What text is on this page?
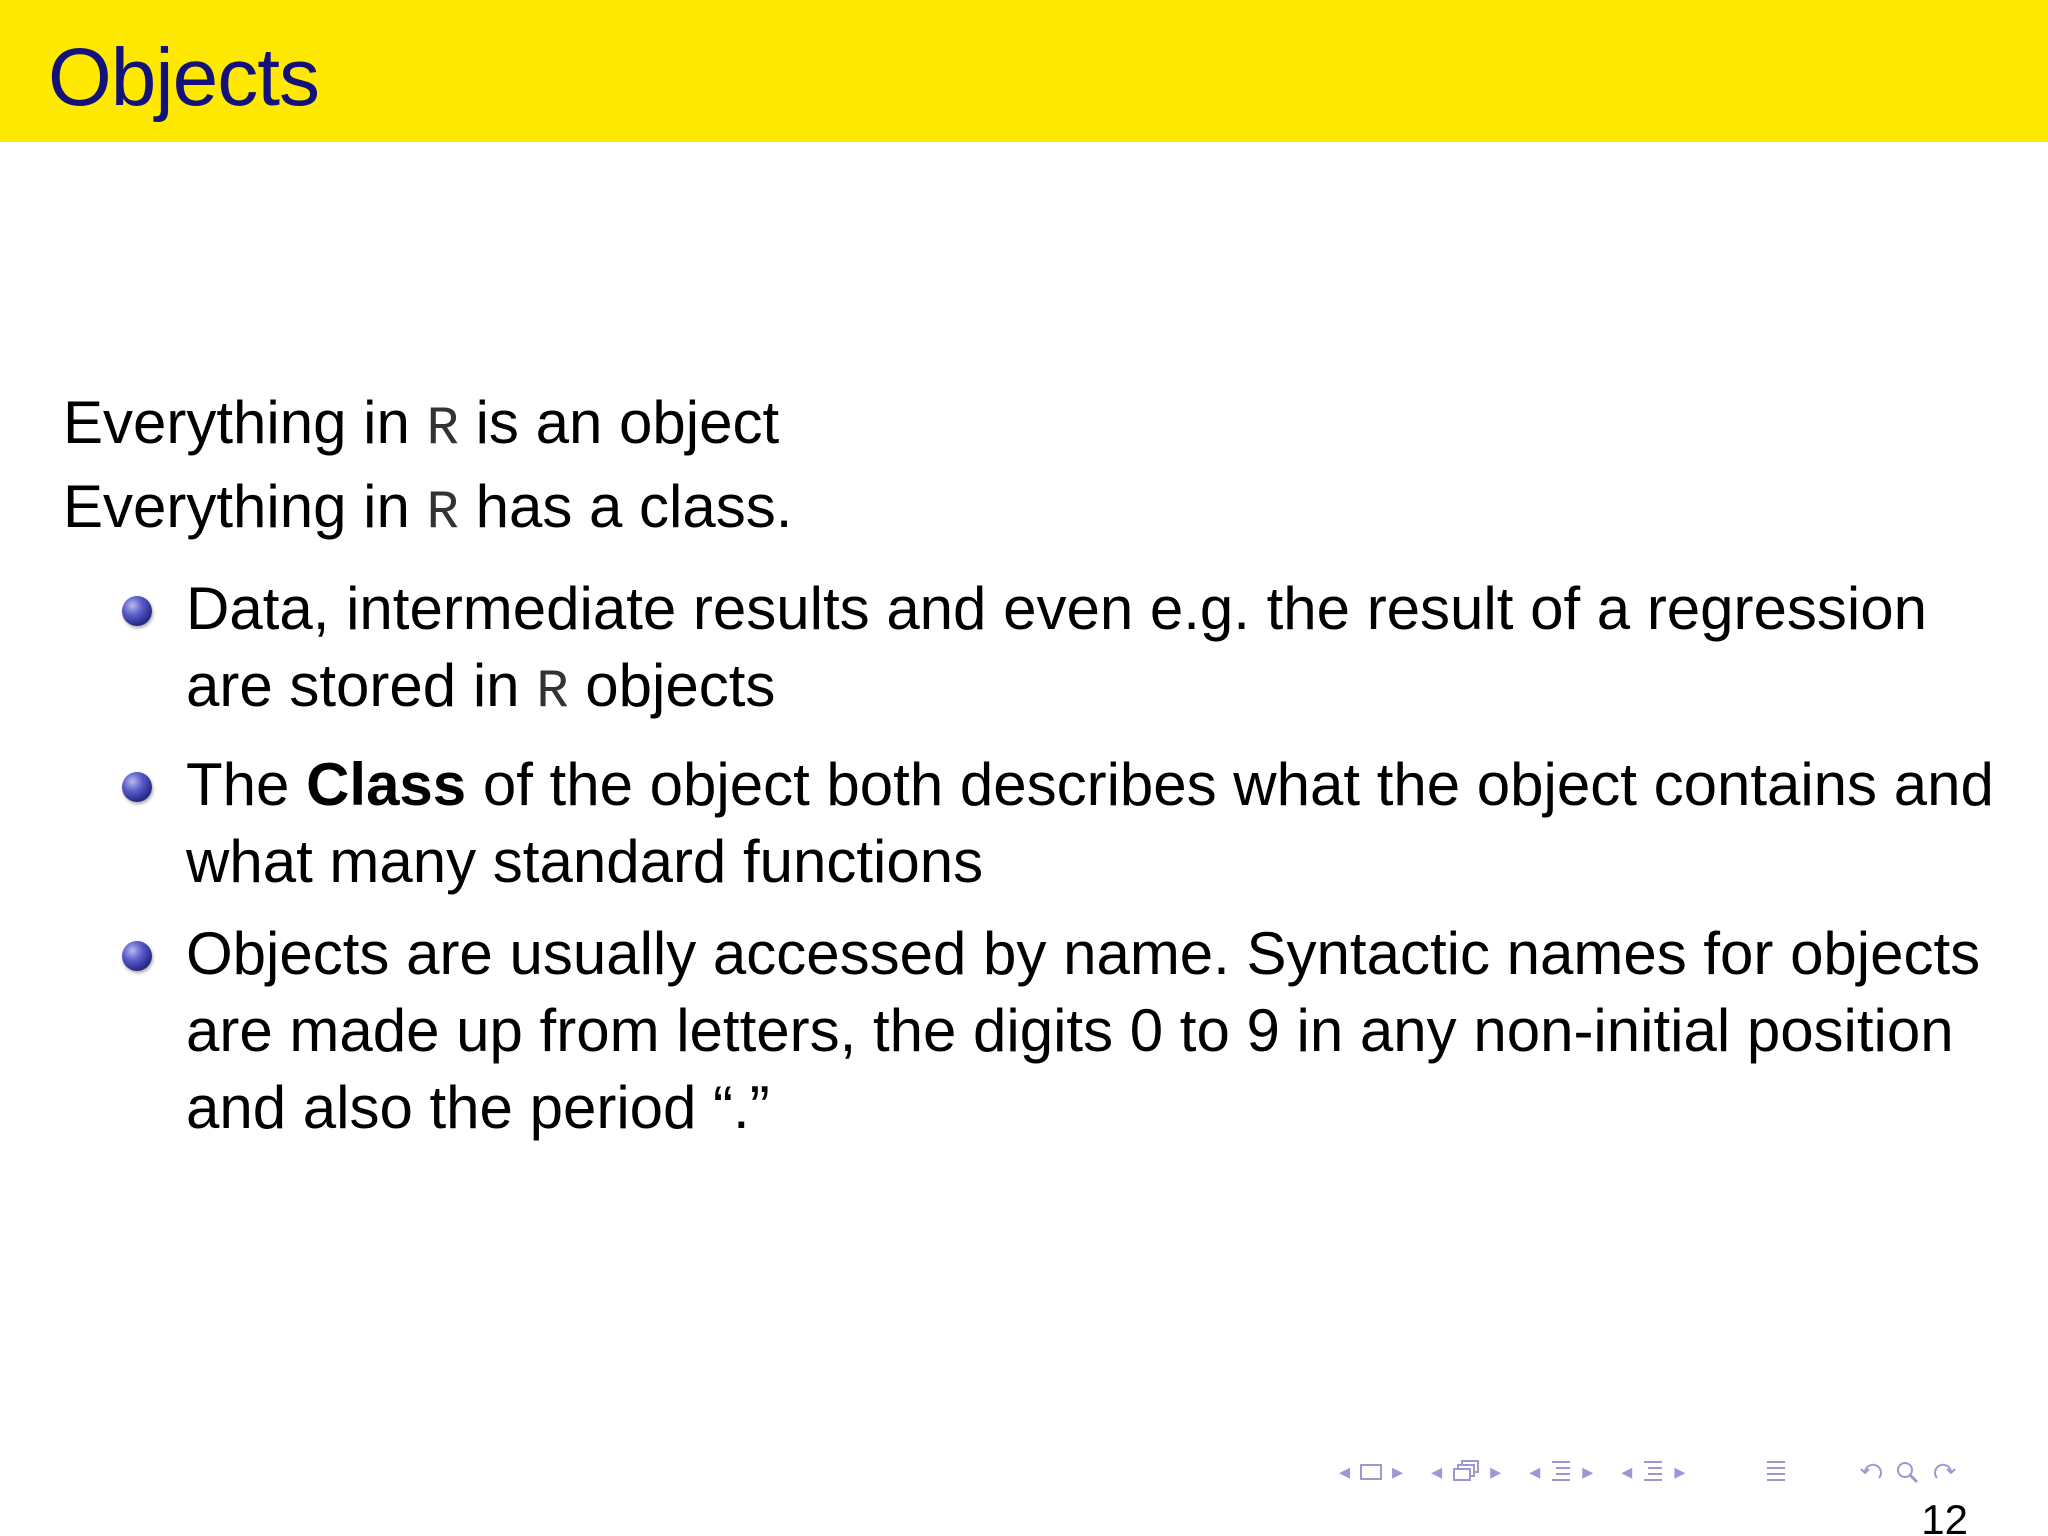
Objects
Everything in R is an object
Everything in R has a class.
Data, intermediate results and even e.g. the result of a regression are stored in R objects
The Class of the object both describes what the object contains and what many standard functions
Objects are usually accessed by name. Syntactic names for objects are made up from letters, the digits 0 to 9 in any non-initial position and also the period “.”
◂ ▸ ◂ ▸ ◂ ▸ ◂ ▸
12
